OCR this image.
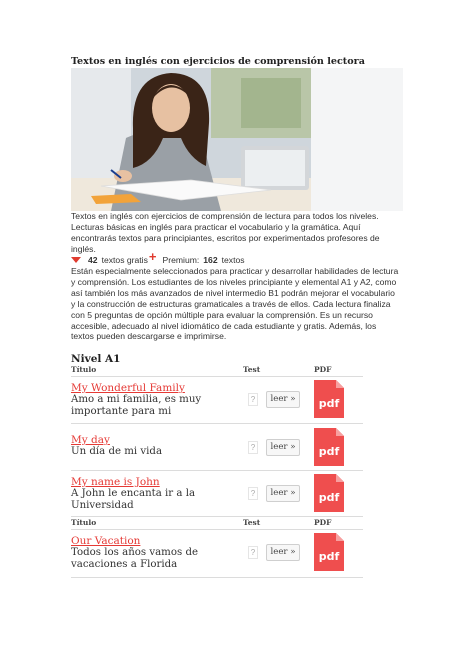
Textos en inglés con ejercicios de comprensión lectora
Textos en inglés con ejercicios de comprensión de lectura para todos los niveles. Lecturas básicas en inglés para practicar el vocabulario y la gramática. Aquí encontrarás textos para principiantes, escritos por experimentados profesores de inglés.
42 textos gratis + Premium: 162 textos
Están especialmente seleccionados para practicar y desarrollar habilidades de lectura y comprensión. Los estudiantes de los niveles principiante y elemental A1 y A2, como así también los más avanzados de nivel intermedio B1 podrán mejorar el vocabulario y la construcción de estructuras gramaticales a través de ellos. Cada lectura finaliza con 5 preguntas de opción múltiple para evaluar la comprensión. Es un recurso accesible, adecuado al nivel idiomático de cada estudiante y gratis. Además, los textos pueden descargarse e imprimirse.
Nivel A1
Título	Test	PDF
My Wonderful Family
Amo a mi familia, es muy importante para mi
?	leer »	pdf
My day
Un día de mi vida	?	leer »	pdf
My name is John
A John le encanta ir a la Universidad
?	leer »	pdf
Título	Test	PDF
Our Vacation
Todos los años vamos de vacaciones a Florida
?	leer »	pdf
